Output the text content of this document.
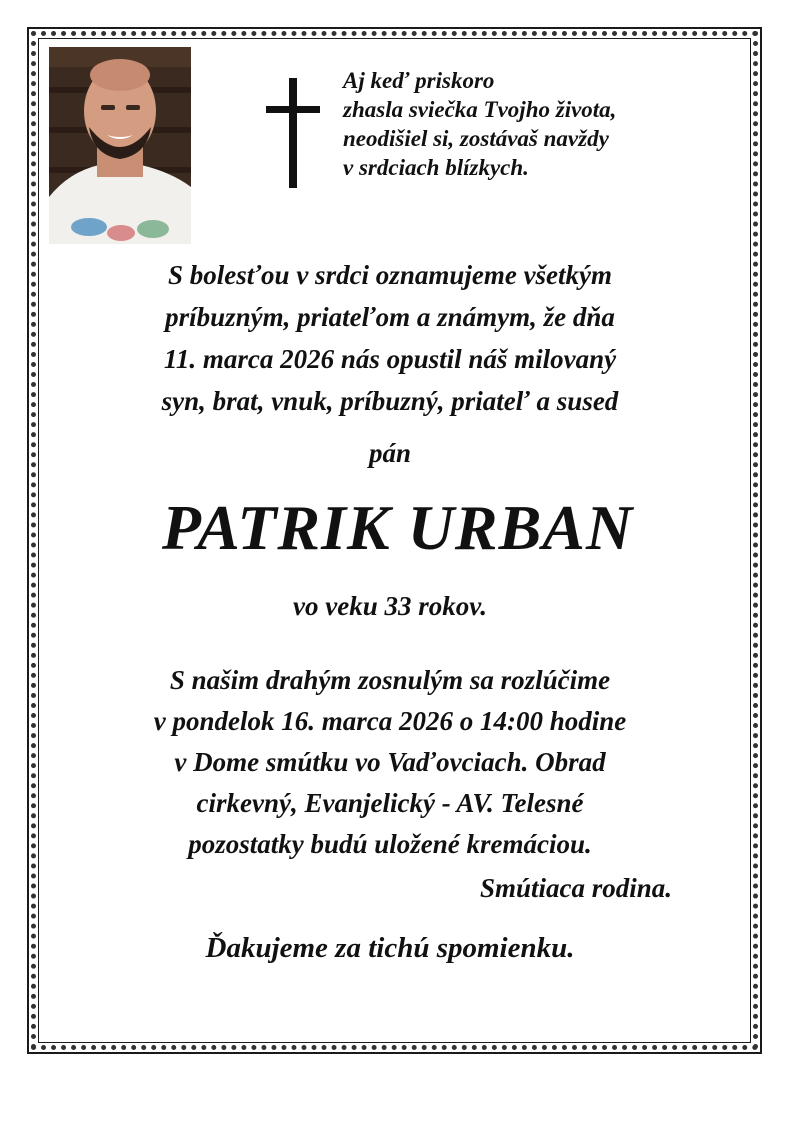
Aj keď priskoro
zhasla sviečka Tvojho života,
neodišiel si, zostávaš navždy
v srdciach blízkych.
S bolesťou v srdci oznamujeme všetkým
príbuzným, priateľom a známym, že dňa
11. marca 2026 nás opustil náš milovaný
syn, brat, vnuk, príbuzný, priateľ a sused
pán
PATRIK URBAN
vo veku 33 rokov.
S našim drahým zosnulým sa rozlúčime
v pondelok 16. marca 2026 o 14:00 hodine
v Dome smútku vo Vaďovciach. Obrad
cirkevný, Evanjelický - AV. Telesné
pozostatky budú uložené kremáciou.
Smútiaca rodina.
Ďakujeme za tichú spomienku.
